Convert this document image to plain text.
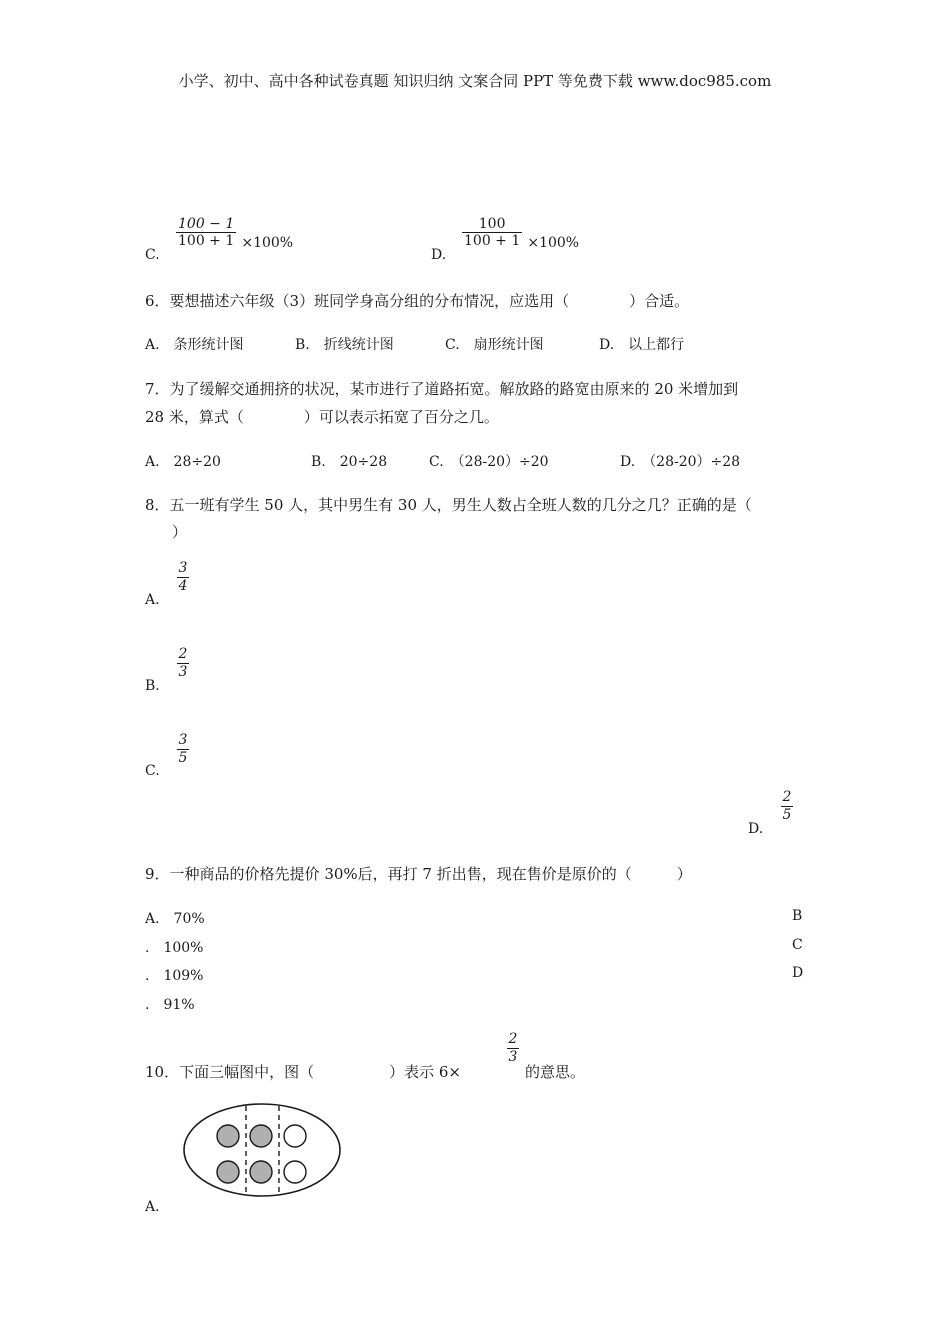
小学、初中、高中各种试卷真题 知识归纳 文案合同 PPT 等免费下载 www.doc985.com
C.
$\frac{100 - 1}{100 + 1} \times 100\%$
D.
$\frac{100}{100 + 1} \times 100\%$
6．要想描述六年级（3）班同学身高分组的分布情况，应选用（　　　　）合适。
A.　条形统计图	B.　折线统计图	C.　扇形统计图	D.　以上都行
7．为了缓解交通拥挤的状况，某市进行了道路拓宽。解放路的路宽由原来的 20 米增加到
28 米，算式（　　　　）可以表示拓宽了百分之几。
A.　28÷20	B.　20÷28	C.　（28-20）÷20	D.　（28-20）÷28
8．五一班有学生 50 人，其中男生有 30 人，男生人数占全班人数的几分之几？正确的是（
）
A.
3
4
B.
2
3
C.
3
5
D.
2
5
9．一种商品的价格先提价 30%后，再打 7 折出售，现在售价是原价的（　　　）
A.　70%	B
.　100%	C
.　109%	D
.　91%
10．下面三幅图中，图（　　　　　）表示 6×
2
3
的意思。
A.
